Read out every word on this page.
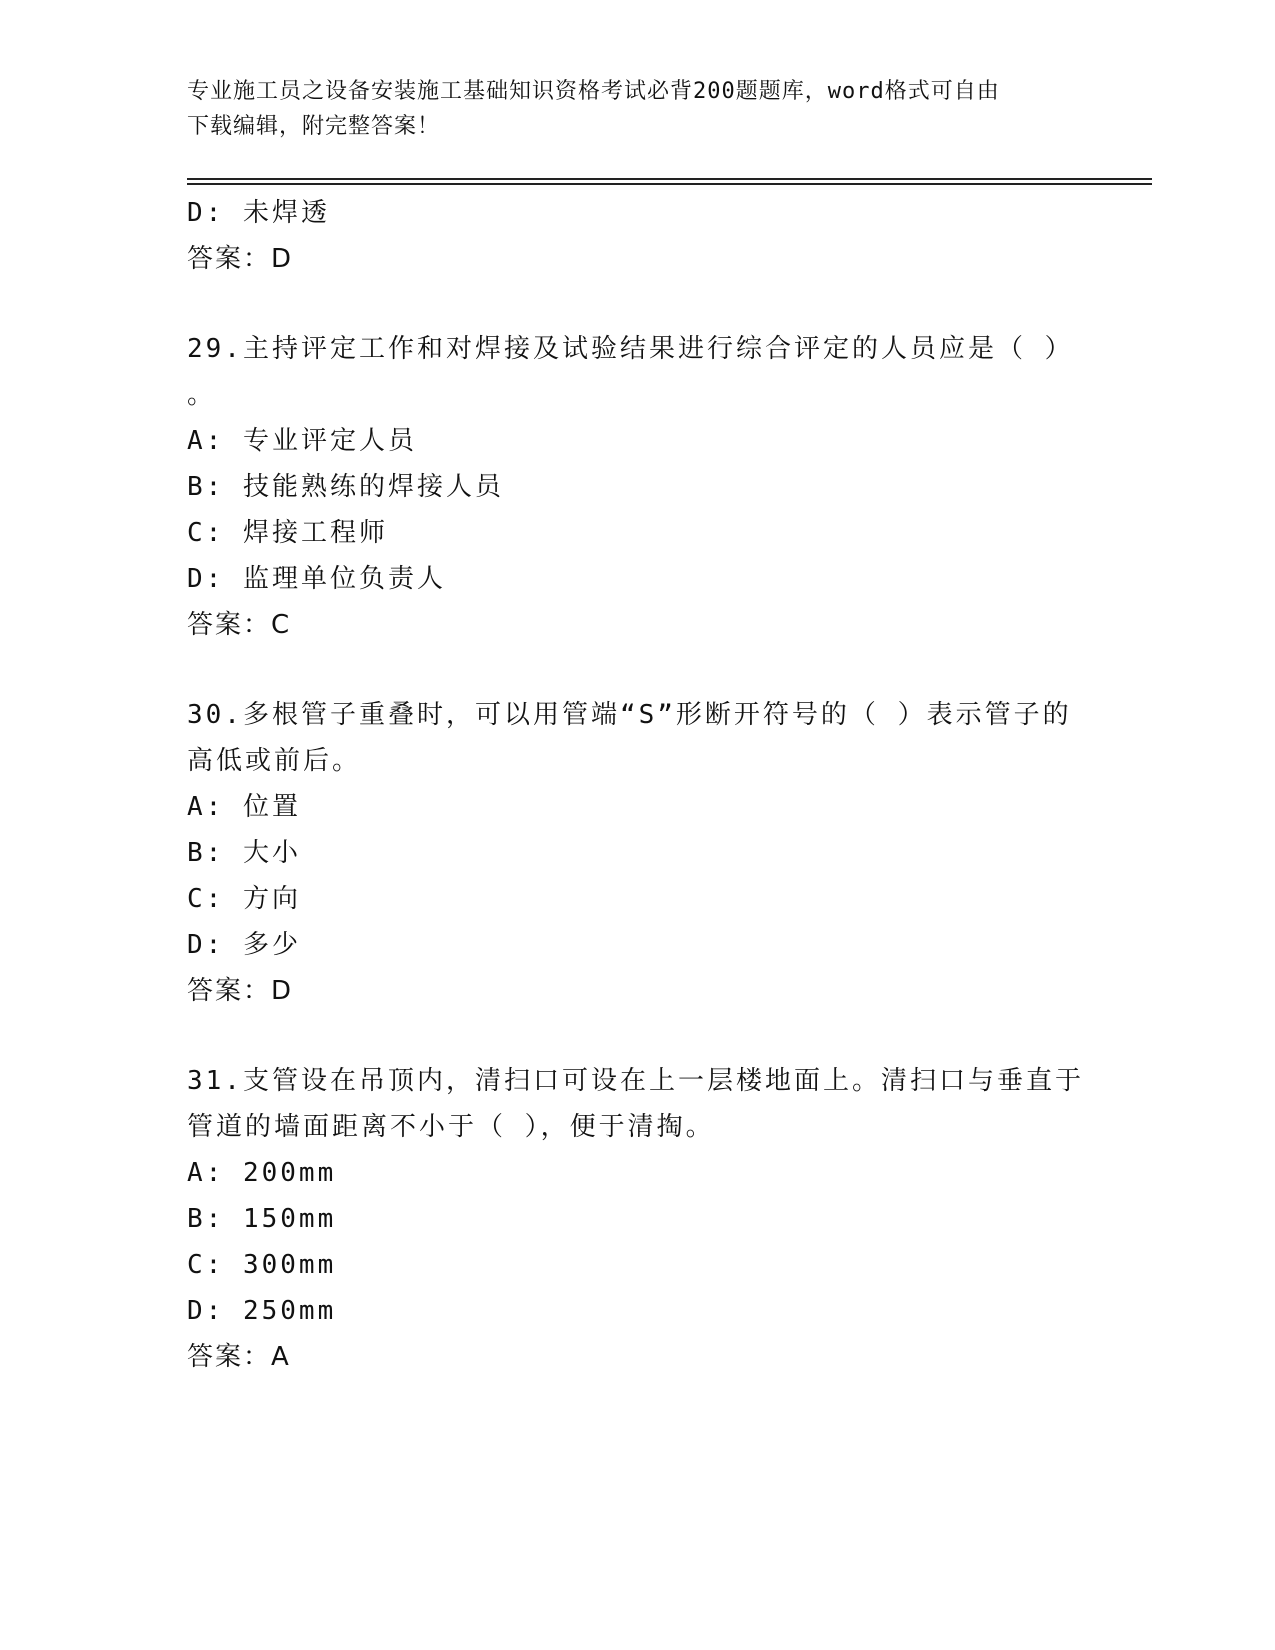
专业施工员之设备安装施工基础知识资格考试必背200题题库，word格式可自由
下载编辑，附完整答案！
D: 未焊透
答案：D
29.主持评定工作和对焊接及试验结果进行综合评定的人员应是（ ）
。
A: 专业评定人员
B: 技能熟练的焊接人员
C: 焊接工程师
D: 监理单位负责人
答案：C
30.多根管子重叠时，可以用管端“S”形断开符号的（ ）表示管子的
高低或前后。
A: 位置
B: 大小
C: 方向
D: 多少
答案：D
31.支管设在吊顶内，清扫口可设在上一层楼地面上。清扫口与垂直于
管道的墙面距离不小于（ ），便于清掏。
A: 200mm
B: 150mm
C: 300mm
D: 250mm
答案：A
